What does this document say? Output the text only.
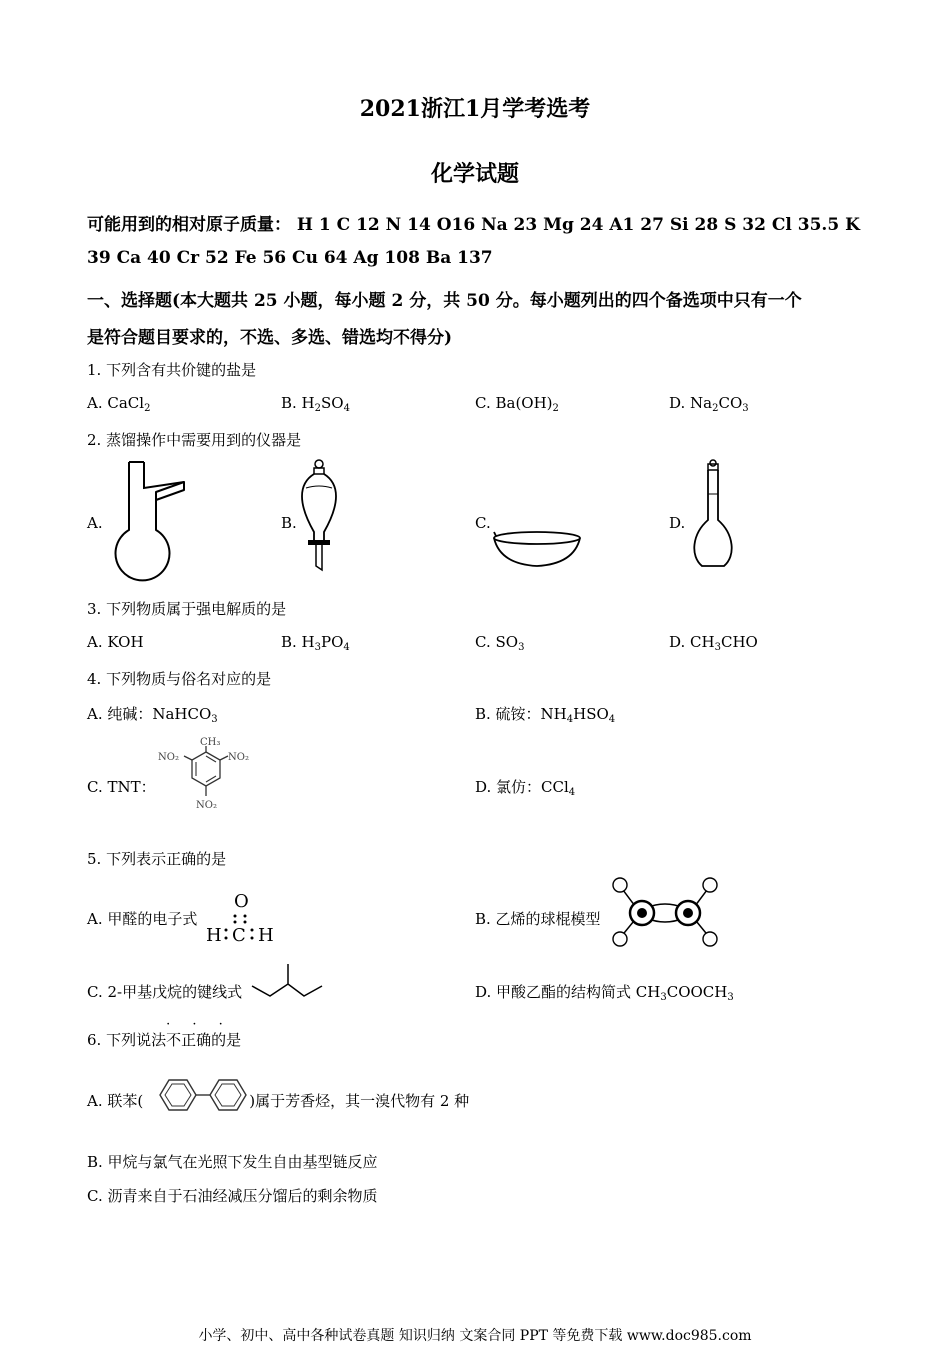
2021浙江1月学考选考
化学试题
可能用到的相对原子质量： H 1 C 12 N 14 O16 Na 23 Mg 24 A1 27 Si 28 S 32 Cl 35.5 K
39 Ca 40 Cr 52 Fe 56 Cu 64 Ag 108 Ba 137
一、选择题(本大题共 25 小题，每小题 2 分，共 50 分。每小题列出的四个备选项中只有一个
是符合题目要求的，不选、多选、错选均不得分)
1. 下列含有共价键的盐是
A. CaCl$_2$	B. $H_2SO_4$	C. $Ba(OH)_2$	D. $Na_2CO_3$
2. 蒸馏操作中需要用到的仪器是
A.	B.	C.	D.
3. 下列物质属于强电解质的是
A. KOH	B. $H_3PO_4$	C. $SO_3$	D. $CH_3CHO$
4. 下列物质与俗名对应的是
A. 纯碱：NaHCO$_3$	B. 硫铵：$NH_4HSO_4$
C. TNT：	D. 氯仿：CCl$_4$
CH₃
NO₂
NO₂
NO₂
5. 下列表示正确的是
A. 甲醛的电子式
O
H C H
B. 乙烯的球棍模型
C. 2-甲基戊烷的键线式	D. 甲酸乙酯的结构简式 $CH_3COOCH_3$
6. 下列说法
· · ·
不正确的是
A. 联苯(	)属于芳香烃，其一溴代物有 2 种
B. 甲烷与氯气在光照下发生自由基型链反应
C. 沥青来自于石油经减压分馏后的剩余物质
小学、初中、高中各种试卷真题 知识归纳 文案合同 PPT 等免费下载 www.doc985.com
